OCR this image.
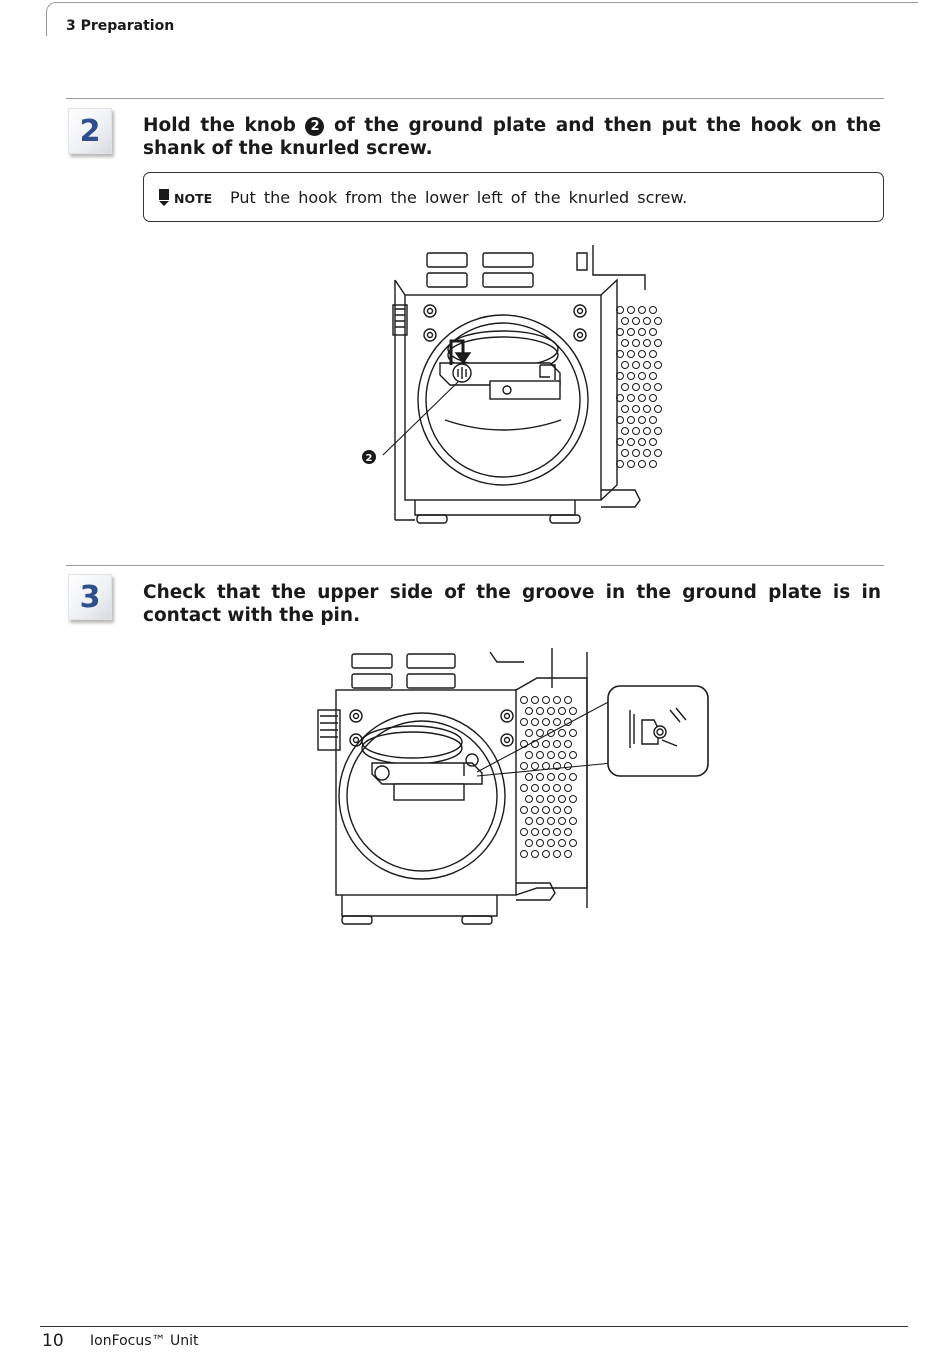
3 Preparation
2	Hold the knob 2 of the ground plate and then put the hook on the shank of the knurled screw.
NOTE Put the hook from the lower left of the knurled screw.
2
3	Check that the upper side of the groove in the ground plate is in contact with the pin.
10 IonFocus™ Unit
